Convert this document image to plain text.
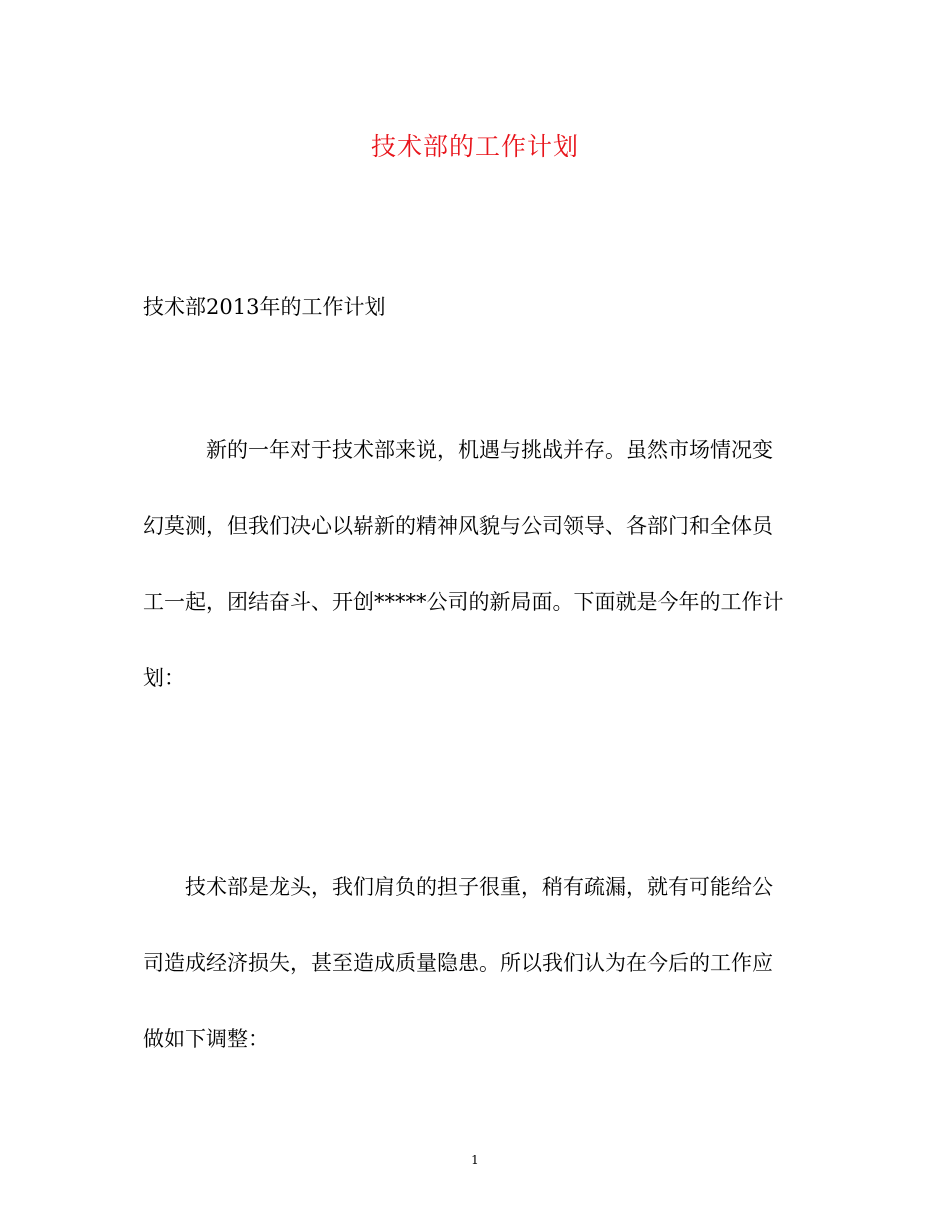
技术部的工作计划
技术部2013年的工作计划

新的一年对于技术部来说，机遇与挑战并存。虽然市场情况变
幻莫测，但我们决心以崭新的精神风貌与公司领导、各部门和全体员
工一起，团结奋斗、开创*****公司的新局面。下面就是今年的工作计
划：

技术部是龙头，我们肩负的担子很重，稍有疏漏，就有可能给公
司造成经济损失，甚至造成质量隐患。所以我们认为在今后的工作应
做如下调整：

1
